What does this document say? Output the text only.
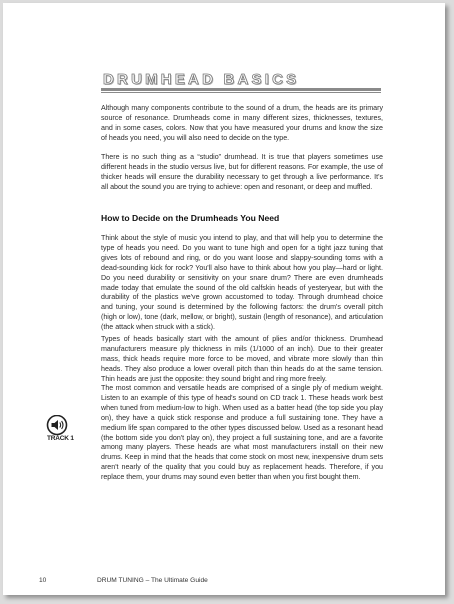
DRUMHEAD BASICS

Although many components contribute to the sound of a drum, the heads are its primary source of resonance. Drumheads come in many different sizes, thicknesses, textures, and in some cases, colors. Now that you have measured your drums and know the size of heads you need, you will also need to decide on the type.

There is no such thing as a “studio” drumhead. It is true that players sometimes use different heads in the studio versus live, but for different reasons. For example, the use of thicker heads will ensure the durability necessary to get through a live performance. It's all about the sound you are trying to achieve: open and resonant, or deep and muffled.

How to Decide on the Drumheads You Need

Think about the style of music you intend to play, and that will help you to determine the type of heads you need. Do you want to tune high and open for a tight jazz tuning that gives lots of rebound and ring, or do you want loose and slappy-sounding toms with a dead-sounding kick for rock? You'll also have to think about how you play—hard or light. Do you need durability or sensitivity on your snare drum? There are even drumheads made today that emulate the sound of the old calfskin heads of yesteryear, but with the durability of the plastics we've grown accustomed to today. Through drumhead choice and tuning, your sound is determined by the following factors: the drum's overall pitch (high or low), tone (dark, mellow, or bright), sustain (length of resonance), and articulation (the attack when struck with a stick).

Types of heads basically start with the amount of plies and/or thickness. Drumhead manufacturers measure ply thickness in mils (1/1000 of an inch). Due to their greater mass, thick heads require more force to be moved, and vibrate more slowly than thin heads. They also produce a lower overall pitch than thin heads do at the same tension. Thin heads are just the opposite: they sound bright and ring more freely.

TRACK 1

The most common and versatile heads are comprised of a single ply of medium weight. Listen to an example of this type of head's sound on CD track 1. These heads work best when tuned from medium-low to high. When used as a batter head (the top side you play on), they have a quick stick response and produce a full sustaining tone. They have a medium life span compared to the other types discussed below. Used as a resonant head (the bottom side you don't play on), they project a full sustaining tone, and are a favorite among many players. These heads are what most manufacturers install on their new drums. Keep in mind that the heads that come stock on most new, inexpensive drum sets aren't nearly of the quality that you could buy as replacement heads. Therefore, if you replace them, your drums may sound even better than when you first bought them.

10	DRUM TUNING – The Ultimate Guide
